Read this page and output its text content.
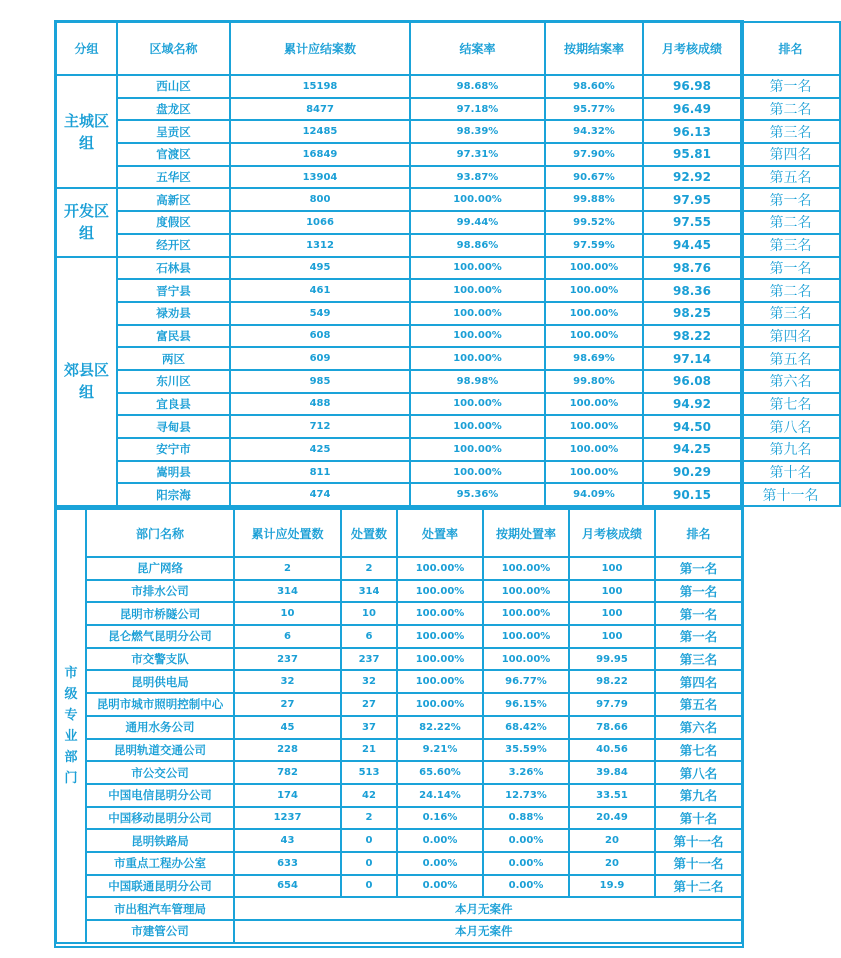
分组	区域名称	累计应结案数	结案率	按期结案率	月考核成绩	排名
主城区组	西山区	15198	98.68%	98.60%	96.98	第一名
	盘龙区	8477	97.18%	95.77%	96.49	第二名
	呈贡区	12485	98.39%	94.32%	96.13	第三名
	官渡区	16849	97.31%	97.90%	95.81	第四名
	五华区	13904	93.87%	90.67%	92.92	第五名
开发区组	高新区	800	100.00%	99.88%	97.95	第一名
	度假区	1066	99.44%	99.52%	97.55	第二名
	经开区	1312	98.86%	97.59%	94.45	第三名
郊县区组	石林县	495	100.00%	100.00%	98.76	第一名
	晋宁县	461	100.00%	100.00%	98.36	第二名
	禄劝县	549	100.00%	100.00%	98.25	第三名
	富民县	608	100.00%	100.00%	98.22	第四名
	两区	609	100.00%	98.69%	97.14	第五名
	东川区	985	98.98%	99.80%	96.08	第六名
	宜良县	488	100.00%	100.00%	94.92	第七名
	寻甸县	712	100.00%	100.00%	94.50	第八名
	安宁市	425	100.00%	100.00%	94.25	第九名
	嵩明县	811	100.00%	100.00%	90.29	第十名
	阳宗海	474	95.36%	94.09%	90.15	第十一名
市级专业部门	部门名称	累计应处置数	处置数	处置率	按期处置率	月考核成绩	排名
	昆广网络	2	2	100.00%	100.00%	100	第一名
	市排水公司	314	314	100.00%	100.00%	100	第一名
	昆明市桥隧公司	10	10	100.00%	100.00%	100	第一名
	昆仑燃气昆明分公司	6	6	100.00%	100.00%	100	第一名
	市交警支队	237	237	100.00%	100.00%	99.95	第三名
	昆明供电局	32	32	100.00%	96.77%	98.22	第四名
	昆明市城市照明控制中心	27	27	100.00%	96.15%	97.79	第五名
	通用水务公司	45	37	82.22%	68.42%	78.66	第六名
	昆明轨道交通公司	228	21	9.21%	35.59%	40.56	第七名
	市公交公司	782	513	65.60%	3.26%	39.84	第八名
	中国电信昆明分公司	174	42	24.14%	12.73%	33.51	第九名
	中国移动昆明分公司	1237	2	0.16%	0.88%	20.49	第十名
	昆明铁路局	43	0	0.00%	0.00%	20	第十一名
	市重点工程办公室	633	0	0.00%	0.00%	20	第十一名
	中国联通昆明分公司	654	0	0.00%	0.00%	19.9	第十二名
	市出租汽车管理局	本月无案件					
	市建管公司	本月无案件					
